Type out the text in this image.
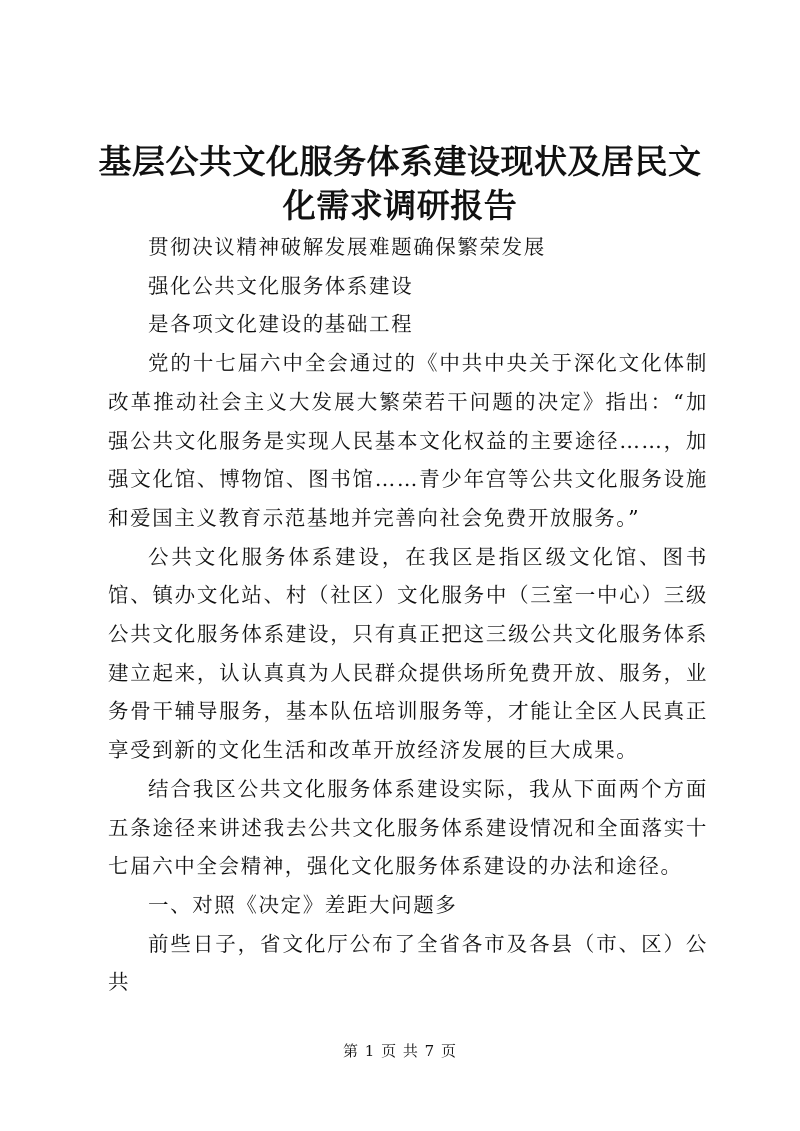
基层公共文化服务体系建设现状及居民文化需求调研报告

贯彻决议精神破解发展难题确保繁荣发展

强化公共文化服务体系建设

是各项文化建设的基础工程

党的十七届六中全会通过的《中共中央关于深化文化体制改革推动社会主义大发展大繁荣若干问题的决定》指出：“加强公共文化服务是实现人民基本文化权益的主要途径……，加强文化馆、博物馆、图书馆……青少年宫等公共文化服务设施和爱国主义教育示范基地并完善向社会免费开放服务。”

公共文化服务体系建设，在我区是指区级文化馆、图书馆、镇办文化站、村（社区）文化服务中（三室一中心）三级公共文化服务体系建设，只有真正把这三级公共文化服务体系建立起来，认认真真为人民群众提供场所免费开放、服务，业务骨干辅导服务，基本队伍培训服务等，才能让全区人民真正享受到新的文化生活和改革开放经济发展的巨大成果。

结合我区公共文化服务体系建设实际，我从下面两个方面五条途径来讲述我去公共文化服务体系建设情况和全面落实十七届六中全会精神，强化文化服务体系建设的办法和途径。

一、对照《决定》差距大问题多

前些日子，省文化厅公布了全省各市及各县（市、区）公共

第 1 页 共 7 页
